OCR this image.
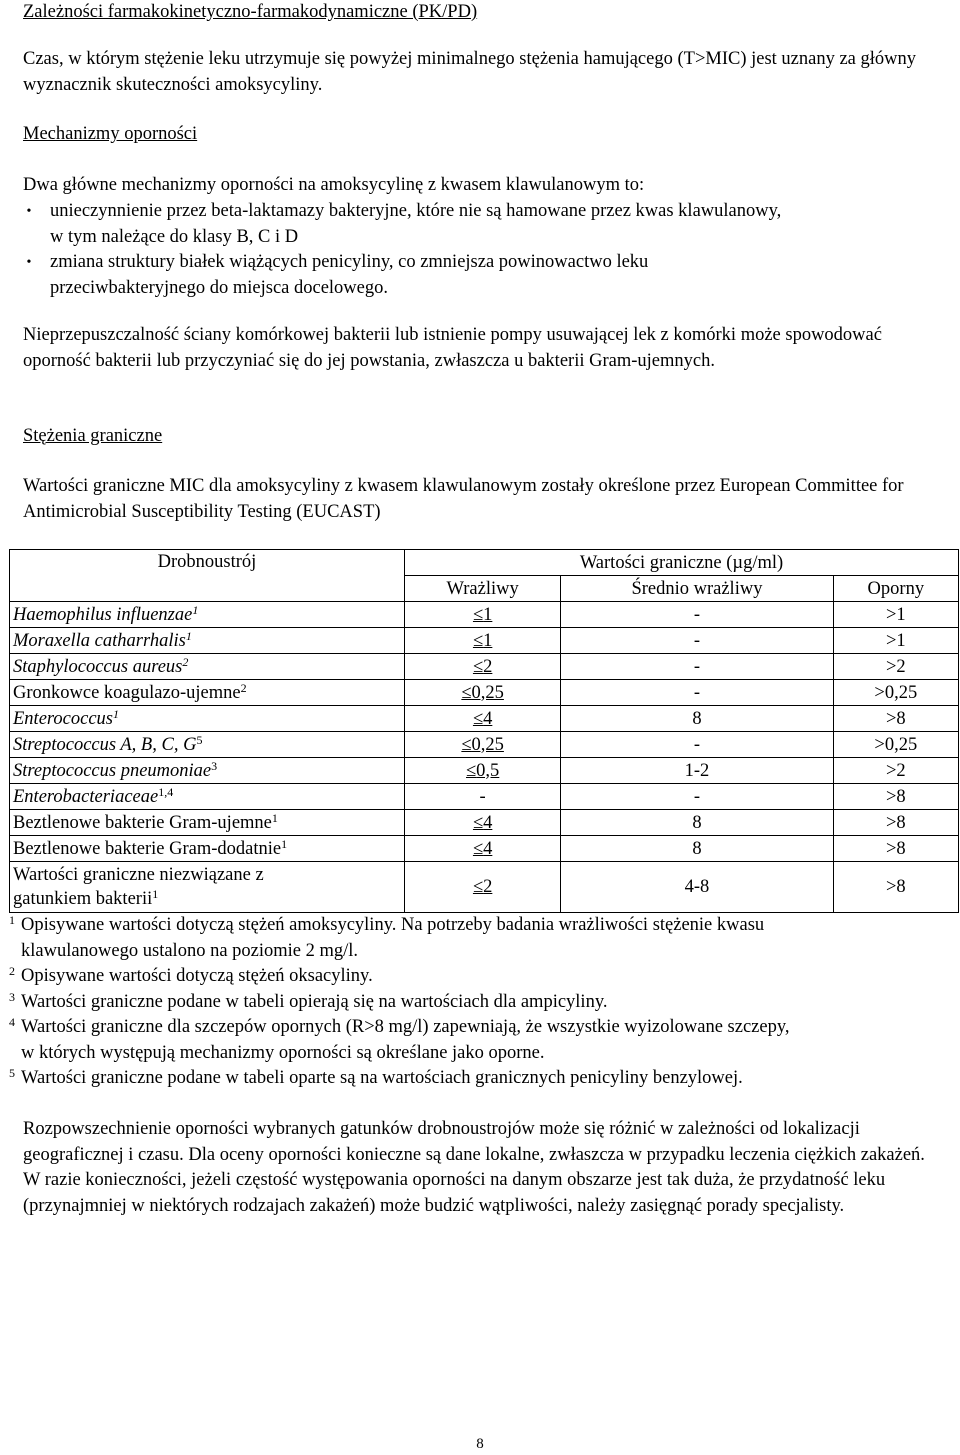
Zależności farmakokinetyczno-farmakodynamiczne (PK/PD)
Czas, w którym stężenie leku utrzymuje się powyżej minimalnego stężenia hamującego (T>MIC) jest uznany za główny wyznacznik skuteczności amoksycyliny.
Mechanizmy oporności
Dwa główne mechanizmy oporności na amoksycylinę z kwasem klawulanowym to:
• unieczynnienie przez beta-laktamazy bakteryjne, które nie są hamowane przez kwas klawulanowy,
w tym należące do klasy B, C i D
• zmiana struktury białek wiążących penicyliny, co zmniejsza powinowactwo leku
przeciwbakteryjnego do miejsca docelowego.
Nieprzepuszczalność ściany komórkowej bakterii lub istnienie pompy usuwającej lek z komórki może spowodować oporność bakterii lub przyczyniać się do jej powstania, zwłaszcza u bakterii Gram-ujemnych.
Stężenia graniczne
Wartości graniczne MIC dla amoksycyliny z kwasem klawulanowym zostały określone przez European Committee for Antimicrobial Susceptibility Testing (EUCAST)
Drobnoustrój	Wartości graniczne (µg/ml)		
	Wrażliwy	Średnio wrażliwy	Oporny
Haemophilus influenzae$^1$	≤ 1	-	>1
Moraxella catharrhalis$^1$	≤ 1	-	>1
Staphylococcus aureus$^2$	≤ 2	-	>2
Gronkowce koagulazo-ujemne$^2$	≤ 0,25	-	>0,25
Enterococcus$^1$	≤ 4	8	>8
Streptococcus A, B, C, $G^5$	≤ 0,25	-	>0,25
Streptococcus pneumoniae$^3$	≤ 0,5	1-2	>2
Enterobacteriaceae$^{1,4}$	-	-	>8
Beztlenowe bakterie Gram-ujemne$^1$	≤ 4	8	>8
Beztlenowe bakterie Gram-dodatnie$^1$	≤ 4	8	>8

Wartości graniczne niezwiązane z
gatunkiem bakterii$^1$	≤ 2	4-8	>8
1 Opisywane wartości dotyczą stężeń amoksycyliny. Na potrzeby badania wrażliwości stężenie kwasu
klawulanowego ustalono na poziomie 2 mg/l.
2 Opisywane wartości dotyczą stężeń oksacyliny.
3 Wartości graniczne podane w tabeli opierają się na wartościach dla ampicyliny.
4 Wartości graniczne dla szczepów opornych (R>8 mg/l) zapewniają, że wszystkie wyizolowane szczepy,
w których występują mechanizmy oporności są określane jako oporne.
5 Wartości graniczne podane w tabeli oparte są na wartościach granicznych penicyliny benzylowej.
Rozpowszechnienie oporności wybranych gatunków drobnoustrojów może się różnić w zależności od lokalizacji geograficznej i czasu. Dla oceny oporności konieczne są dane lokalne, zwłaszcza w przypadku leczenia ciężkich zakażeń. W razie konieczności, jeżeli częstość występowania oporności na danym obszarze jest tak duża, że przydatność leku (przynajmniej w niektórych rodzajach zakażeń) może budzić wątpliwości, należy zasięgnąć porady specjalisty.
8
